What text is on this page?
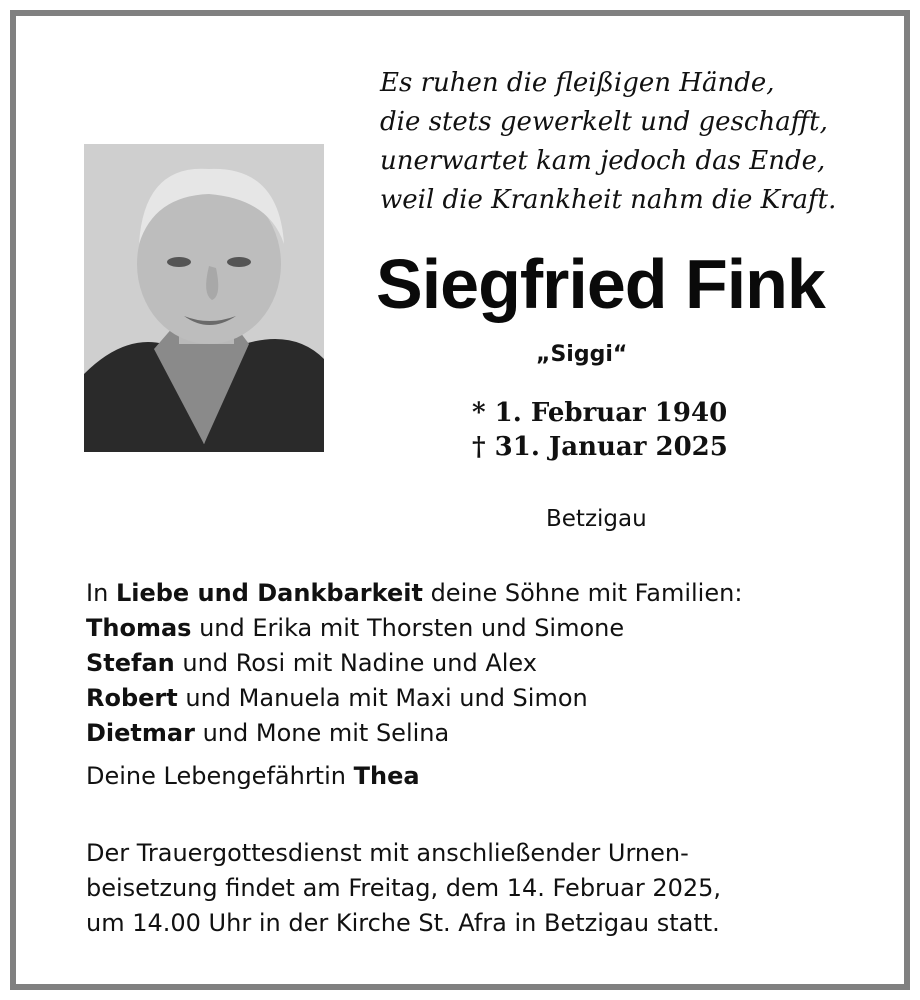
Es ruhen die fleißigen Hände,
die stets gewerkelt und geschafft,
unerwartet kam jedoch das Ende,
weil die Krankheit nahm die Kraft.
Siegfried Fink
„Siggi“
* 1. Februar 1940
† 31. Januar 2025
Betzigau
In Liebe und Dankbarkeit deine Söhne mit Familien:
Thomas und Erika mit Thorsten und Simone
Stefan und Rosi mit Nadine und Alex
Robert und Manuela mit Maxi und Simon
Dietmar und Mone mit Selina
Deine Lebengefährtin Thea
Der Trauergottesdienst mit anschließender Urnen-
beisetzung findet am Freitag, dem 14. Februar 2025,
um 14.00 Uhr in der Kirche St. Afra in Betzigau statt.
